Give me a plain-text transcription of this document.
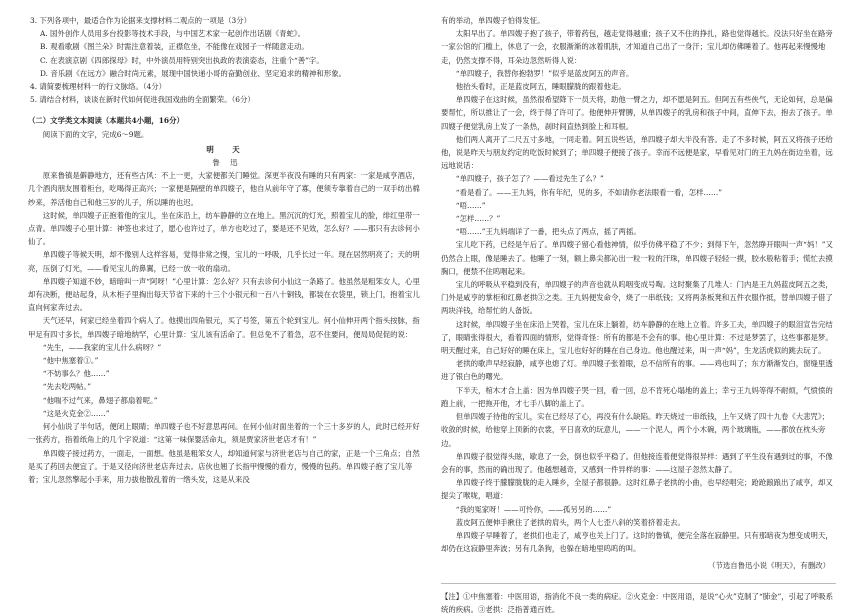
3. 下列各项中，最适合作为论据来支撑材料二观点的一项是（3分）

A. 国外创作人员用多台投影等技术手段，与中国艺术家一起创作出话剧《青蛇》。

B. 观看歌剧《图兰朵》时需注意着装，正襟危坐，不能像在戏园子一样随意走动。

C. 在表演京剧《四郎探母》时，中外演员用特别突出执政的表演姿态，注重个“善”字。

D. 音乐剧《在远方》融合时尚元素，展现中国快递小哥的奋勤创业、坚定追求的精神和形象。

4. 请简要梳理材料一的行文脉络。（4分）

5. 请结合材料，谈谈在新时代如何促进我国戏曲的全面繁荣。（6分）

（二）文学类文本阅读（本题共4小题，16分）

阅读下面的文字，完成6～9题。

明 天

鲁 迅

原来鲁镇是僻静地方，还有些古风：不上一更，大家便都关门睡觉。深更半夜没有睡的只有两家：一家是咸亨酒店，几个酒肉朋友围着柜台，吃喝得正高兴；一家便是隔壁的单四嫂子，他自从前年守了寡，便须专靠着自己的一双手纺出棉纱来，养活他自己和他三岁的儿子，所以睡的也迟。

这时候，单四嫂子正抱着他的宝儿，坐在床沿上，纺车静静的立在地上。黑沉沉的灯光，照着宝儿的脸，绯红里带一点青。单四嫂子心里计算：神签也求过了，愿心也许过了，单方也吃过了，要是还不见效，怎么好？——那只有去诊何小仙了。

单四嫂子等候天明，却不像别人这样容易，觉得非常之慢，宝儿的一呼吸，几乎长过一年。现在居然明亮了；天的明亮，压倒了灯光，——看见宝儿的鼻翼，已经一放一收的扇动。

单四嫂子知道不妙，暗暗叫一声“阿呀！”心里计算：怎么好？只有去诊何小仙这一条路了。他虽然是粗笨女人，心里却有决断，便站起身，从木柜子里掏出每天节省下来的十三个小银元和一百八十铜钱，都装在衣袋里，锁上门，抱着宝儿直向何家奔过去。

天气还早，何家已经坐着四个病人了。他摸出四角银元，买了号签，第五个轮到宝儿。何小仙伸开两个指头按脉，指甲足有四寸多长，单四嫂子暗地纳罕，心里计算：宝儿该有活命了。但总免不了着急，忍不住要问，便局局促促的说：

“先生，——我家的宝儿什么病呀？”

“他中焦塞着①。”

“不妨事么？他……”

“先去吃两帖。”

“他喘不过气来，鼻翅子都扇着呢。”

“这是火克金②……”

何小仙说了半句话，便闭上眼睛；单四嫂子也不好意思再问。在何小仙对面坐着的一个三十多岁的人，此时已经开好一张药方，指着纸角上的几个字说道：“这第一味保婴活命丸，须是贾家济世老店才有！”

单四嫂子接过药方，一面走，一面想。他虽是粗笨女人，却知道何家与济世老店与自己的家，正是一个三角点；自然是买了药回去便宜了。于是又径向济世老店奔过去。店伙也翘了长指甲慢慢的看方，慢慢的包药。单四嫂子抱了宝儿等着；宝儿忽然擎起小手来，用力拔他散乱着的一绺头发，这是从来没

有的举动，单四嫂子怕得发怔。

太阳早出了。单四嫂子抱了孩子，带着药包，越走觉得越重；孩子又不住的挣扎，路也觉得越长。没法只好坐在路旁一家公馆的门槛上，休息了一会，衣服渐渐的冰着肌肤，才知道自己出了一身汗；宝儿却仿佛睡着了。他再起来慢慢地走，仍然支撑不得，耳朵边忽然听得人说：

“单四嫂子，我替你抱勃罗！”似乎是蓝皮阿五的声音。

他抬头看时，正是蓝皮阿五，睡眼朦胧的跟着他走。

单四嫂子在这时候，虽然很希望降下一员天将，助他一臂之力，却不愿是阿五。但阿五有些侠气，无论如何，总是偏要帮忙，所以推让了一会，终于得了许可了。他便伸开臂膊，从单四嫂子的乳房和孩子中间，直伸下去，抱去了孩子。单四嫂子便觉乳房上发了一条热，刹时间直热到脸上和耳根。

他们两人离开了二尺五寸多地，一同走着。阿五说些话，单四嫂子却大半没有答。走了不多时候，阿五又将孩子还给他，说是昨天与朋友约定的吃饭时候到了；单四嫂子便接了孩子。幸而不远便是家，早看见对门的王九妈在街边坐着，远远地说话：

“单四嫂子，孩子怎了？——看过先生了么？”

“看是看了。——王九妈，你有年纪，见的多，不如请你老法眼看一看，怎样……”

“唔……”

“怎样……？”

“唔……”王九妈端详了一番，把头点了两点，摇了两摇。

宝儿吃下药，已经是午后了。单四嫂子留心看他神情，似乎仿佛平稳了不少；到得下午，忽然睁开眼叫一声“妈！”又仍然合上眼，像是睡去了。他睡了一刻，额上鼻尖都沁出一粒一粒的汗珠，单四嫂子轻轻一摸，胶水般粘着手；慌忙去摸胸口，便禁不住呜咽起来。

宝儿的呼吸从平稳到没有，单四嫂子的声音也就从呜咽变成号啕。这时聚集了几堆人：门内是王九妈蓝皮阿五之类，门外是咸亨的掌柜和红鼻老拱③之类。王九妈便发命令，烧了一串纸钱；又将两条板凳和五件衣服作抵，替单四嫂子借了两块洋钱，给帮忙的人备饭。

这时候，单四嫂子坐在床沿上哭着，宝儿在床上躺着，纺车静静的在地上立着。许多工夫，单四嫂子的眼泪宣告完结了，眼睛张得很大，看着四面的情形，觉得奇怪：所有的都是不会有的事。他心里计算：不过是梦罢了，这些事都是梦。明天醒过来，自己好好的睡在床上，宝儿也好好的睡在自己身边。他也醒过来，叫一声“妈”，生龙活虎似的跳去玩了。

老拱的歌声早经寂静，咸亨也熄了灯。单四嫂子张着眼，总不信所有的事。——鸡也叫了；东方渐渐发白，窗缝里透进了银白色的曙光。

下半天，棺木才合上盖：因为单四嫂子哭一回，看一回，总不肯死心塌地的盖上；幸亏王九妈等得不耐烦，气愤愤的跑上前，一把拖开他，才七手八脚的盖上了。

但单四嫂子待他的宝儿，实在已经尽了心，再没有什么缺陷。昨天烧过一串纸钱，上午又烧了四十九卷《大悲咒》；收敛的时候，给他穿上顶新的衣裳，平日喜欢的玩意儿，——一个泥人，两个小木碗，两个玻璃瓶，——都放在枕头旁边。

单四嫂子很觉得头眩，歇息了一会，倒也似乎平稳了。但他接连着便觉得很异样：遇到了平生没有遇到过的事，不像会有的事，然而的确出现了。他越想越奇，又感到一件异样的事：——这屋子忽然太静了。

单四嫂子终于朦朦胧胧的走入睡乡，全屋子都很静。这时红鼻子老拱的小曲，也早经唱完；跄跄踉踉出了咸亨，却又提尖了喉咙，唱道：

“我的冤家呀！——可怜你，——孤另另的……”

蓝皮阿五便伸手揪住了老拱的肩头，两个人七歪八斜的笑着挤着走去。

单四嫂子早睡着了，老拱们也走了，咸亨也关上门了。这时的鲁镇，便完全落在寂静里。只有那暗夜为想变成明天，却仍在这寂静里奔波；另有几条狗，也躲在暗地里呜呜的叫。

（节选自鲁迅小说《明天》，有删改）

【注】①中焦塞着：中医用语，指消化不良一类的病症。②火克金：中医用语，是说“心火”克制了“肺金”，引起了呼吸系统的疾病。③老拱：泛指普通百姓。
